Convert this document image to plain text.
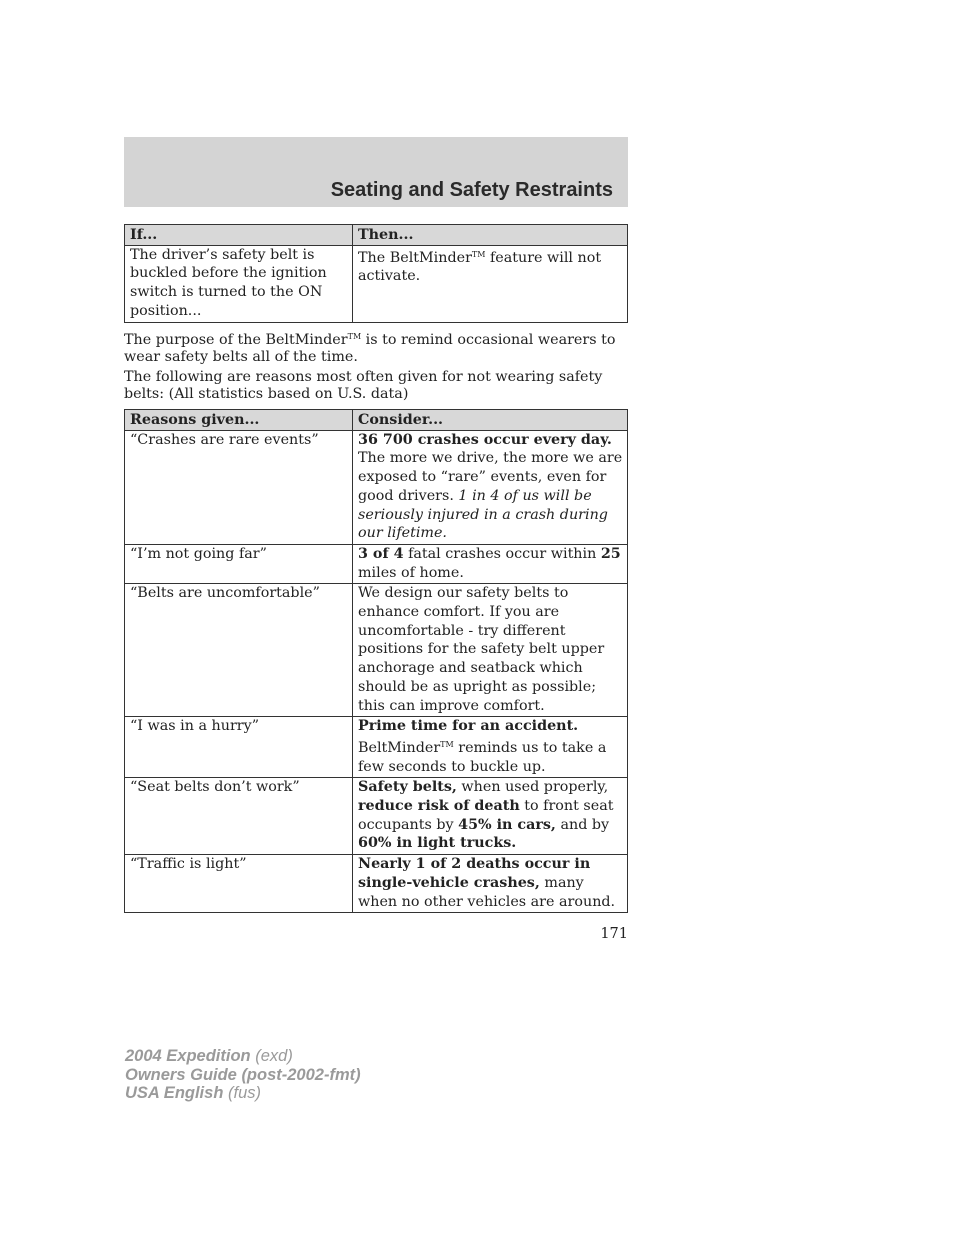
Seating and Safety Restraints
If...	Then...
The driver’s safety belt is buckled before the ignition switch is turned to the ON position...	The BeltMinder™ feature will not activate.

The purpose of the BeltMinder™ is to remind occasional wearers to wear safety belts all of the time.

The following are reasons most often given for not wearing safety belts: (All statistics based on U.S. data)

Reasons given...	Consider...
“Crashes are rare events”	36 700 crashes occur every day. The more we drive, the more we are exposed to “rare” events, even for good drivers. 1 in 4 of us will be seriously injured in a crash during our lifetime.
“I’m not going far”	3 of 4 fatal crashes occur within 25 miles of home.
“Belts are uncomfortable”	We design our safety belts to enhance comfort. If you are uncomfortable - try different positions for the safety belt upper anchorage and seatback which should be as upright as possible; this can improve comfort.
“I was in a hurry”	Prime time for an accident. BeltMinder™ reminds us to take a few seconds to buckle up.
“Seat belts don’t work”	Safety belts, when used properly, reduce risk of death to front seat occupants by 45% in cars, and by 60% in light trucks.
“Traffic is light”	Nearly 1 of 2 deaths occur in single-vehicle crashes, many when no other vehicles are around.
171
2004 Expedition (exd)
Owners Guide (post-2002-fmt)
USA English (fus)
